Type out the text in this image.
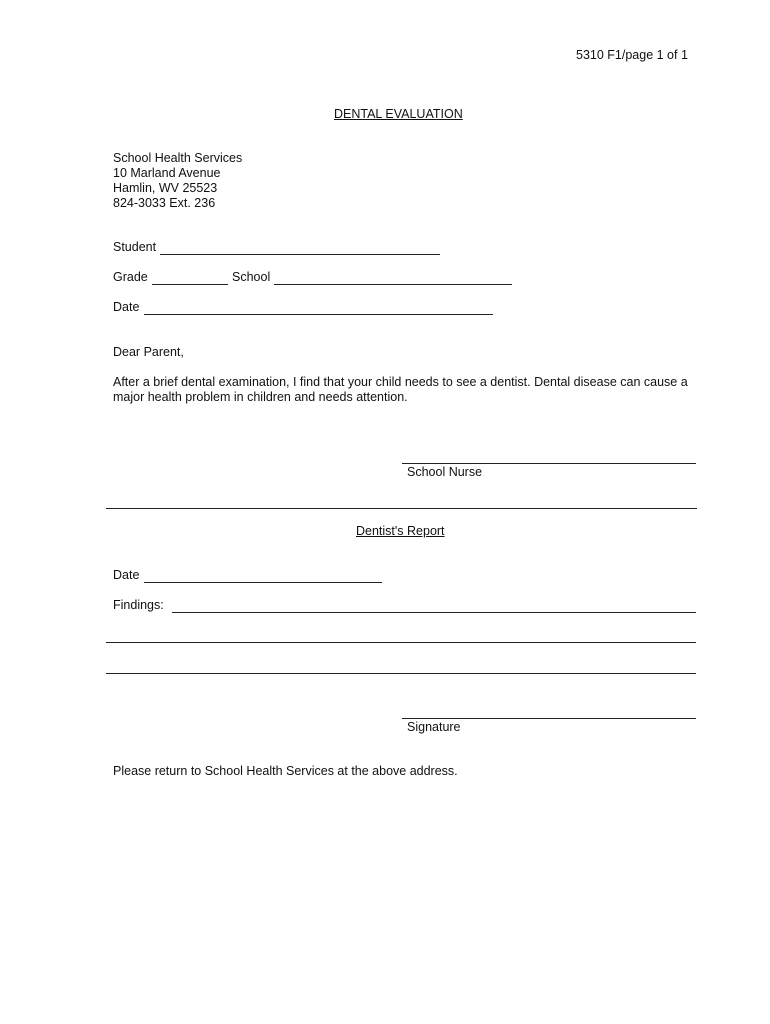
5310 F1/page 1 of 1
DENTAL EVALUATION
School Health Services
10 Marland Avenue
Hamlin, WV 25523
824-3033 Ext. 236
Student
Grade	School
Date
Dear Parent,
After a brief dental examination, I find that your child needs to see a dentist. Dental disease can cause a major health problem in children and needs attention.
School Nurse
Dentist's Report
Date
Findings:
Signature
Please return to School Health Services at the above address.
